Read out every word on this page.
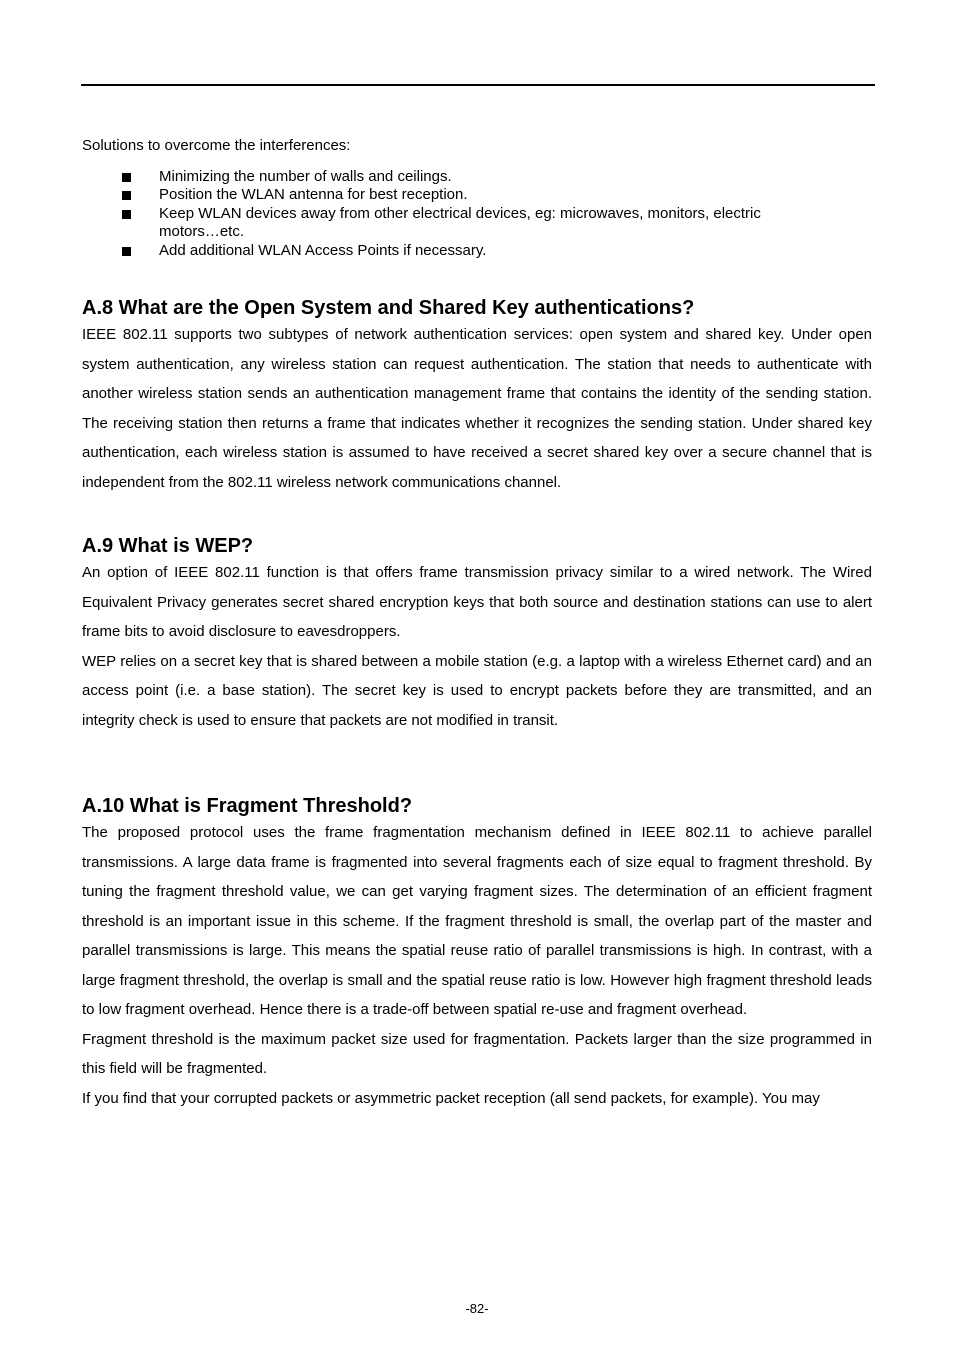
Solutions to overcome the interferences:

Minimizing the number of walls and ceilings.
Position the WLAN antenna for best reception.
Keep WLAN devices away from other electrical devices, eg: microwaves, monitors, electric motors…etc.
Add additional WLAN Access Points if necessary.
A.8 What are the Open System and Shared Key authentications?

IEEE 802.11 supports two subtypes of network authentication services: open system and shared key. Under open system authentication, any wireless station can request authentication. The station that needs to authenticate with another wireless station sends an authentication management frame that contains the identity of the sending station. The receiving station then returns a frame that indicates whether it recognizes the sending station. Under shared key authentication, each wireless station is assumed to have received a secret shared key over a secure channel that is independent from the 802.11 wireless network communications channel.

A.9 What is WEP?

An option of IEEE 802.11 function is that offers frame transmission privacy similar to a wired network. The Wired Equivalent Privacy generates secret shared encryption keys that both source and destination stations can use to alert frame bits to avoid disclosure to eavesdroppers.

WEP relies on a secret key that is shared between a mobile station (e.g. a laptop with a wireless Ethernet card) and an access point (i.e. a base station). The secret key is used to encrypt packets before they are transmitted, and an integrity check is used to ensure that packets are not modified in transit.

A.10 What is Fragment Threshold?

The proposed protocol uses the frame fragmentation mechanism defined in IEEE 802.11 to achieve parallel transmissions. A large data frame is fragmented into several fragments each of size equal to fragment threshold. By tuning the fragment threshold value, we can get varying fragment sizes. The determination of an efficient fragment threshold is an important issue in this scheme. If the fragment threshold is small, the overlap part of the master and parallel transmissions is large. This means the spatial reuse ratio of parallel transmissions is high. In contrast, with a large fragment threshold, the overlap is small and the spatial reuse ratio is low. However high fragment threshold leads to low fragment overhead. Hence there is a trade-off between spatial re-use and fragment overhead.

Fragment threshold is the maximum packet size used for fragmentation. Packets larger than the size programmed in this field will be fragmented.

If you find that your corrupted packets or asymmetric packet reception (all send packets, for example). You may

-82-
